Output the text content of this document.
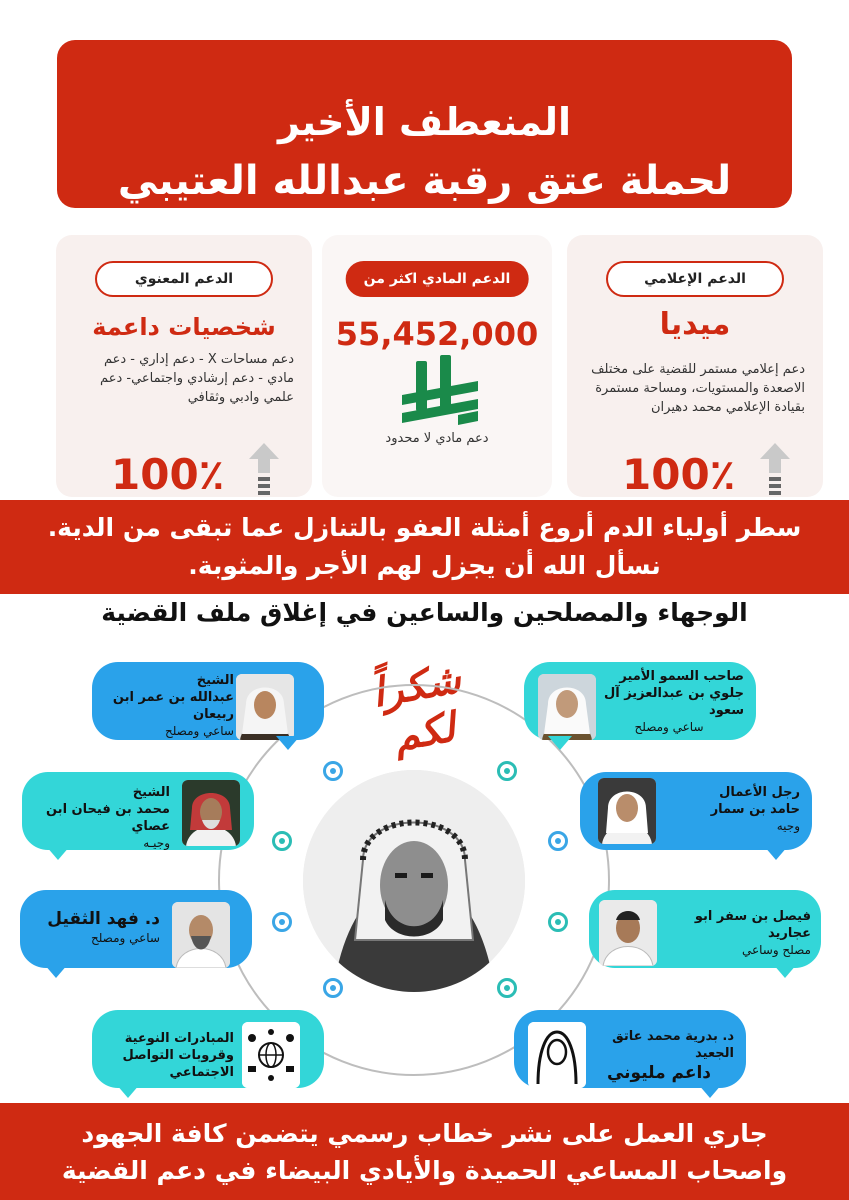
المنعطف الأخير
لحملة عتق رقبة عبدالله العتيبي
الدعم الإعلامي
ميديا
دعم إعلامي مستمر للقضية على مختلف الاصعدة والمستويات، ومساحة مستمرة بقيادة الإعلامي محمد دهيران
100٪
الدعم المادي اكثر من
55,452,000
دعم مادي لا محدود
الدعم المعنوي
شخصيات داعمة
دعم مساحات X - دعم إداري - دعم مادي - دعم إرشادي واجتماعي- دعم علمي وادبي وثقافي
100٪
سطر أولياء الدم أروع أمثلة العفو بالتنازل عما تبقى من الدية.
نسأل الله أن يجزل لهم الأجر والمثوبة.
الوجهاء والمصلحين والساعين في إغلاق ملف القضية
شكراً لكم
صاحب السمو الأمير
جلوي بن عبدالعزيز آل سعود
ساعي ومصلح
رجل الأعمال
حامد بن سمار
وجيه
فيصل بن سفر ابو عجاريد
مصلح وساعي
د. بدرية محمد عاتق الجعيد
داعم مليوني
الشيخ
عبدالله بن عمر ابن ربيعان
ساعي ومصلح
الشيخ
محمد بن فيحان ابن عصاي
وجيـه
د. فهد الثقيل
ساعي ومصلح
المبادرات النوعية
وقروبات التواصل الاجتماعي
جاري العمل على نشر خطاب رسمي يتضمن كافة الجهود
واصحاب المساعي الحميدة والأيادي البيضاء في دعم القضية
